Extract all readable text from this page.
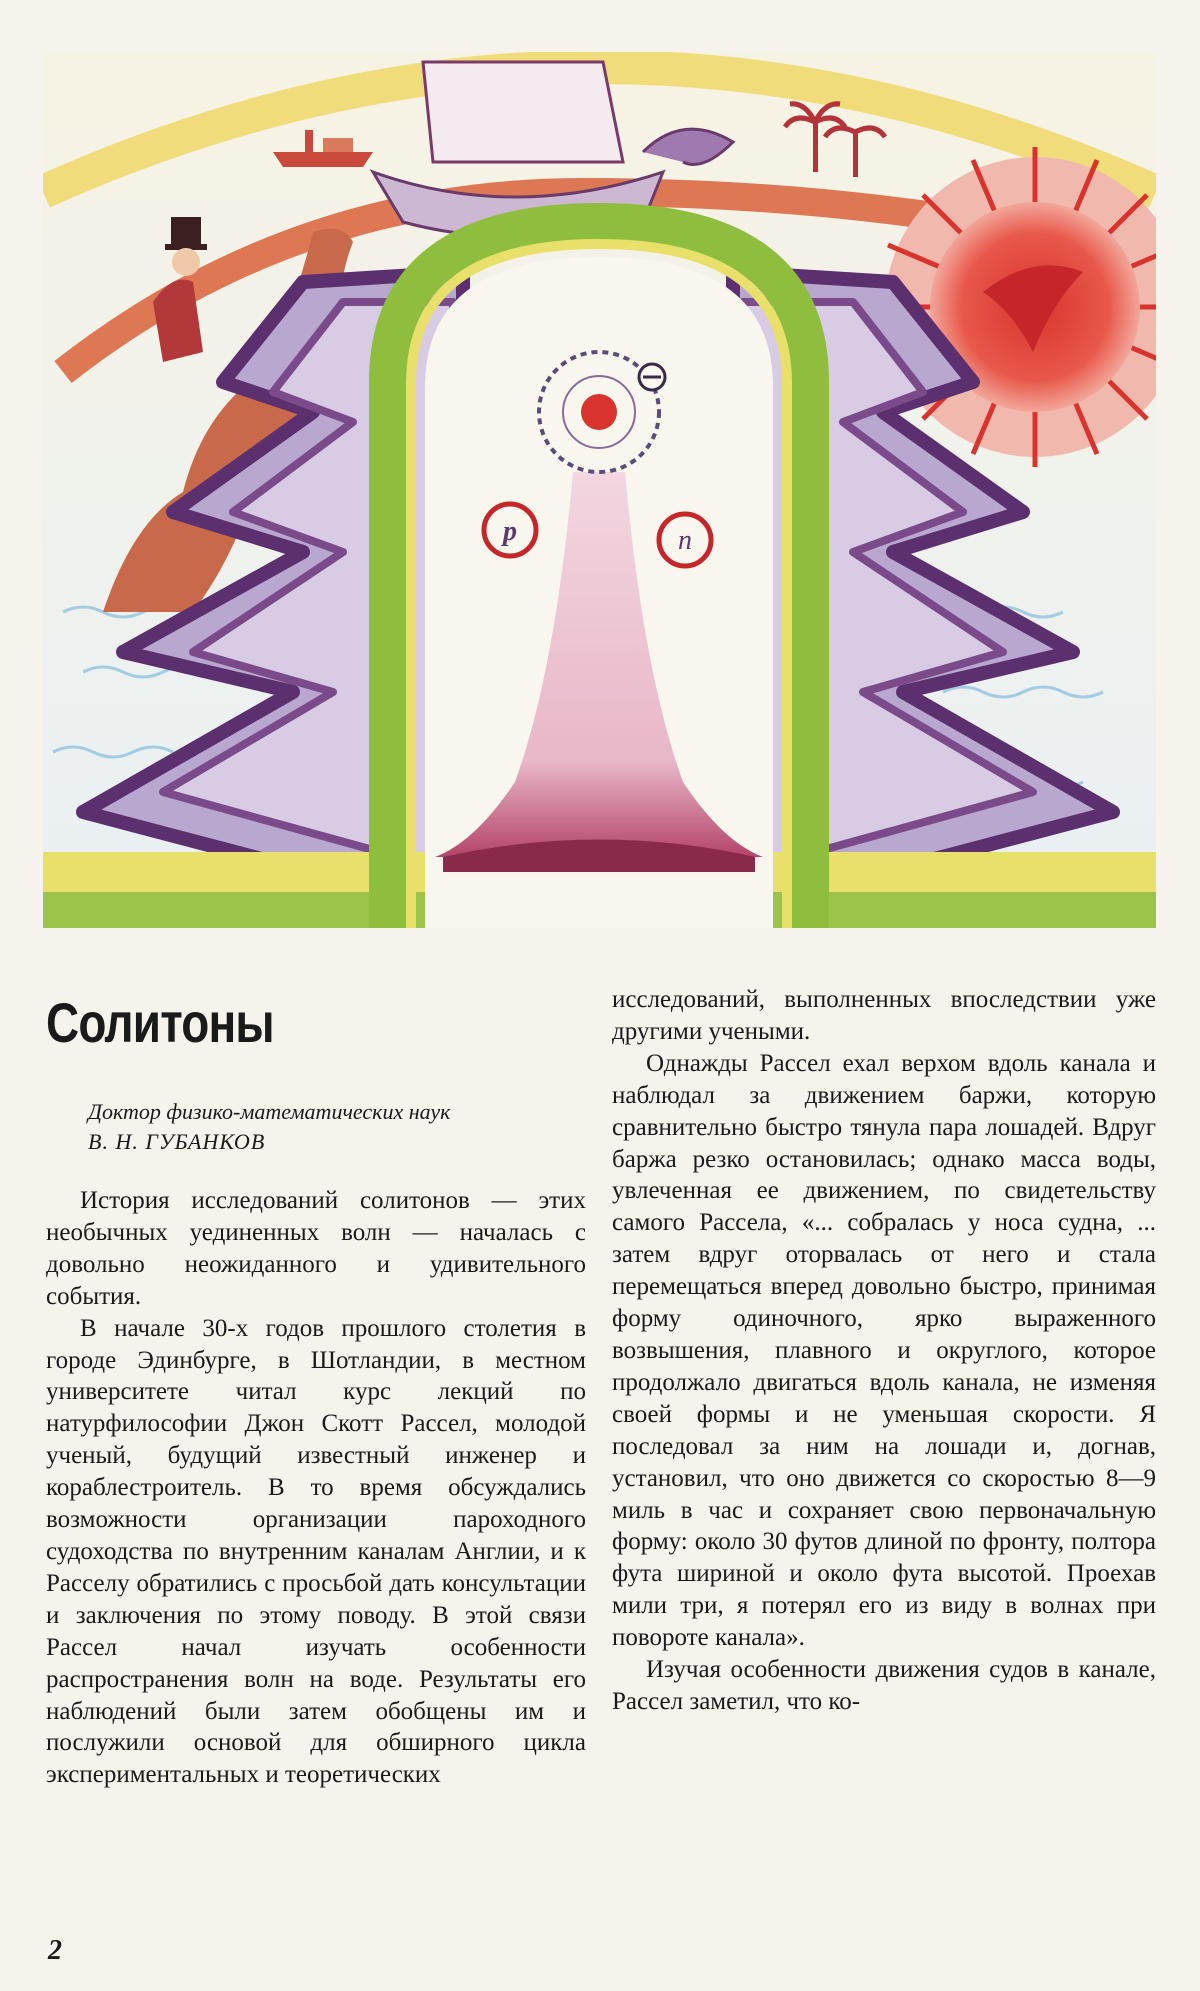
p	n
Солитоны
Доктор физико-математических наук
В. Н. ГУБАНКОВ

История исследований солитонов — этих необычных уединенных волн — началась с довольно неожиданного и удивительного события.

В начале 30-х годов прошлого столетия в городе Эдинбурге, в Шотландии, в местном университете читал курс лекций по натурфилософии Джон Скотт Рассел, молодой ученый, будущий известный инженер и кораблестроитель. В то время обсуждались возможности организации пароходного судоходства по внутренним каналам Англии, и к Расселу обратились с просьбой дать консультации и заключения по этому поводу. В этой связи Рассел начал изучать особенности распространения волн на воде. Результаты его наблюдений были затем обобщены им и послужили основой для обширного цикла экспериментальных и теоретических

исследований, выполненных впоследствии уже другими учеными.

Однажды Рассел ехал верхом вдоль канала и наблюдал за движением баржи, которую сравнительно быстро тянула пара лошадей. Вдруг баржа резко остановилась; однако масса воды, увлеченная ее движением, по свидетельству самого Рассела, «... собралась у носа судна, ... затем вдруг оторвалась от него и стала перемещаться вперед довольно быстро, принимая форму одиночного, ярко выраженного возвышения, плавного и округлого, которое продолжало двигаться вдоль канала, не изменяя своей формы и не уменьшая скорости. Я последовал за ним на лошади и, догнав, установил, что оно движется со скоростью 8—9 миль в час и сохраняет свою первоначальную форму: около 30 футов длиной по фронту, полтора фута шириной и около фута высотой. Проехав мили три, я потерял его из виду в волнах при повороте канала».

Изучая особенности движения судов в канале, Рассел заметил, что ко-

2
